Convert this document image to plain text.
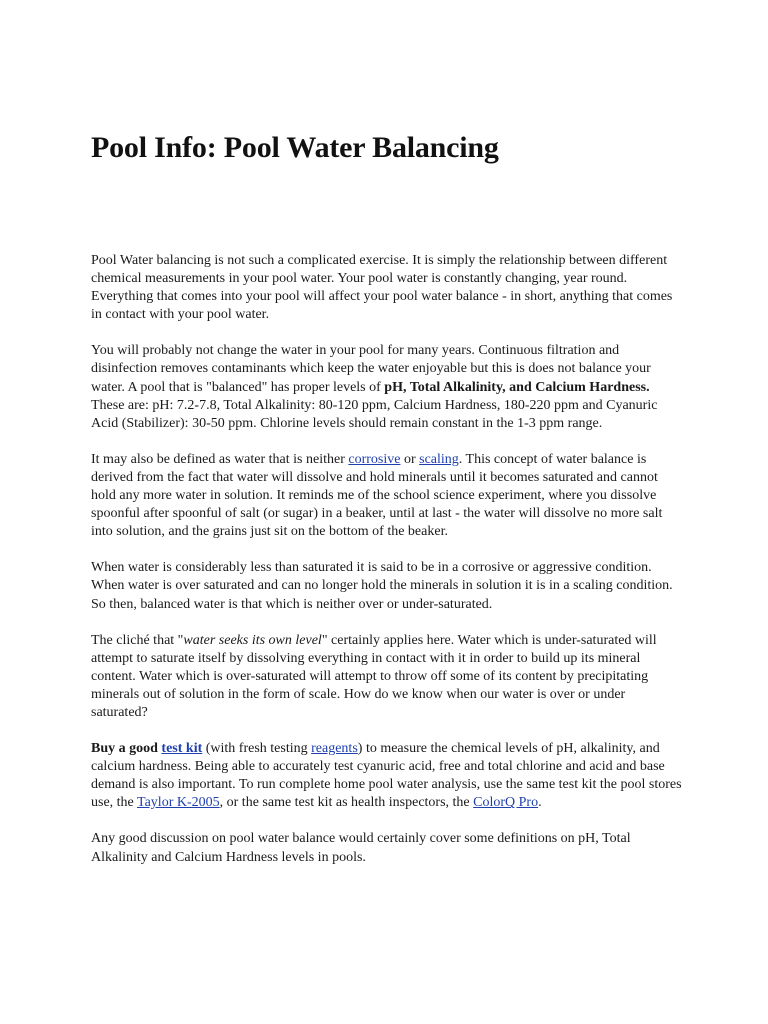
Pool Info: Pool Water Balancing

Pool Water balancing is not such a complicated exercise. It is simply the relationship between different chemical measurements in your pool water. Your pool water is constantly changing, year round. Everything that comes into your pool will affect your pool water balance - in short, anything that comes in contact with your pool water.

You will probably not change the water in your pool for many years. Continuous filtration and disinfection removes contaminants which keep the water enjoyable but this is does not balance your water. A pool that is "balanced" has proper levels of pH, Total Alkalinity, and Calcium Hardness. These are: pH: 7.2-7.8, Total Alkalinity: 80-120 ppm, Calcium Hardness, 180-220 ppm and Cyanuric Acid (Stabilizer): 30-50 ppm. Chlorine levels should remain constant in the 1-3 ppm range.

It may also be defined as water that is neither corrosive or scaling. This concept of water balance is derived from the fact that water will dissolve and hold minerals until it becomes saturated and cannot hold any more water in solution. It reminds me of the school science experiment, where you dissolve spoonful after spoonful of salt (or sugar) in a beaker, until at last - the water will dissolve no more salt into solution, and the grains just sit on the bottom of the beaker.

When water is considerably less than saturated it is said to be in a corrosive or aggressive condition. When water is over saturated and can no longer hold the minerals in solution it is in a scaling condition. So then, balanced water is that which is neither over or under-saturated.

The cliché that "water seeks its own level" certainly applies here. Water which is under-saturated will attempt to saturate itself by dissolving everything in contact with it in order to build up its mineral content. Water which is over-saturated will attempt to throw off some of its content by precipitating minerals out of solution in the form of scale. How do we know when our water is over or under saturated?

Buy a good test kit (with fresh testing reagents) to measure the chemical levels of pH, alkalinity, and calcium hardness. Being able to accurately test cyanuric acid, free and total chlorine and acid and base demand is also important. To run complete home pool water analysis, use the same test kit the pool stores use, the Taylor K-2005, or the same test kit as health inspectors, the ColorQ Pro.

Any good discussion on pool water balance would certainly cover some definitions on pH, Total Alkalinity and Calcium Hardness levels in pools.
